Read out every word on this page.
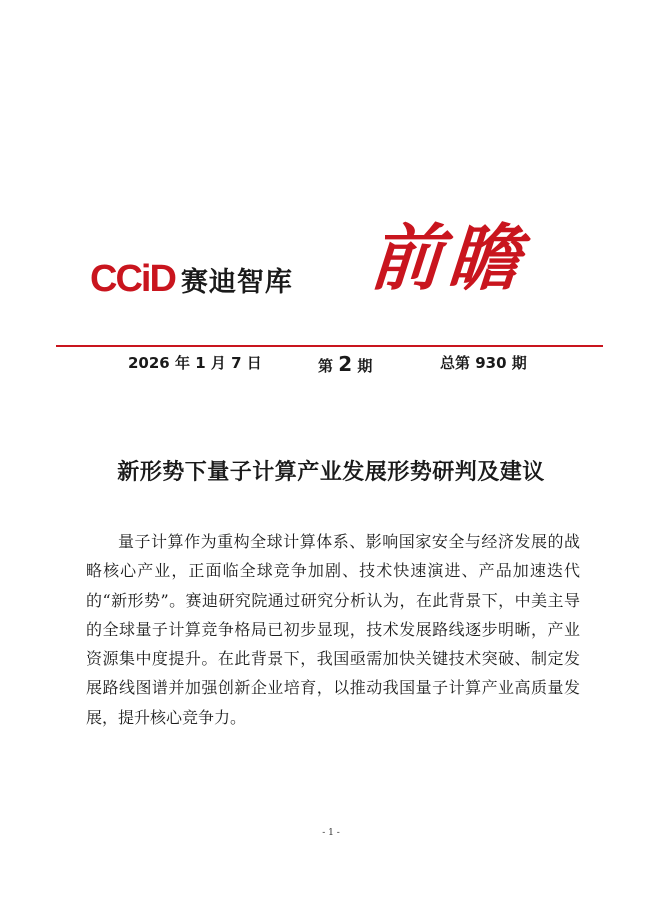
CCiD 赛迪智库 前瞻
2026 年 1 月 7 日	第 2 期	总第 930 期
新形势下量子计算产业发展形势研判及建议

量子计算作为重构全球计算体系、影响国家安全与经济发展的战略核心产业，正面临全球竞争加剧、技术快速演进、产品加速迭代的“新形势”。赛迪研究院通过研究分析认为，在此背景下，中美主导的全球量子计算竞争格局已初步显现，技术发展路线逐步明晰，产业资源集中度提升。在此背景下，我国亟需加快关键技术突破、制定发展路线图谱并加强创新企业培育，以推动我国量子计算产业高质量发展，提升核心竞争力。

- 1 -
